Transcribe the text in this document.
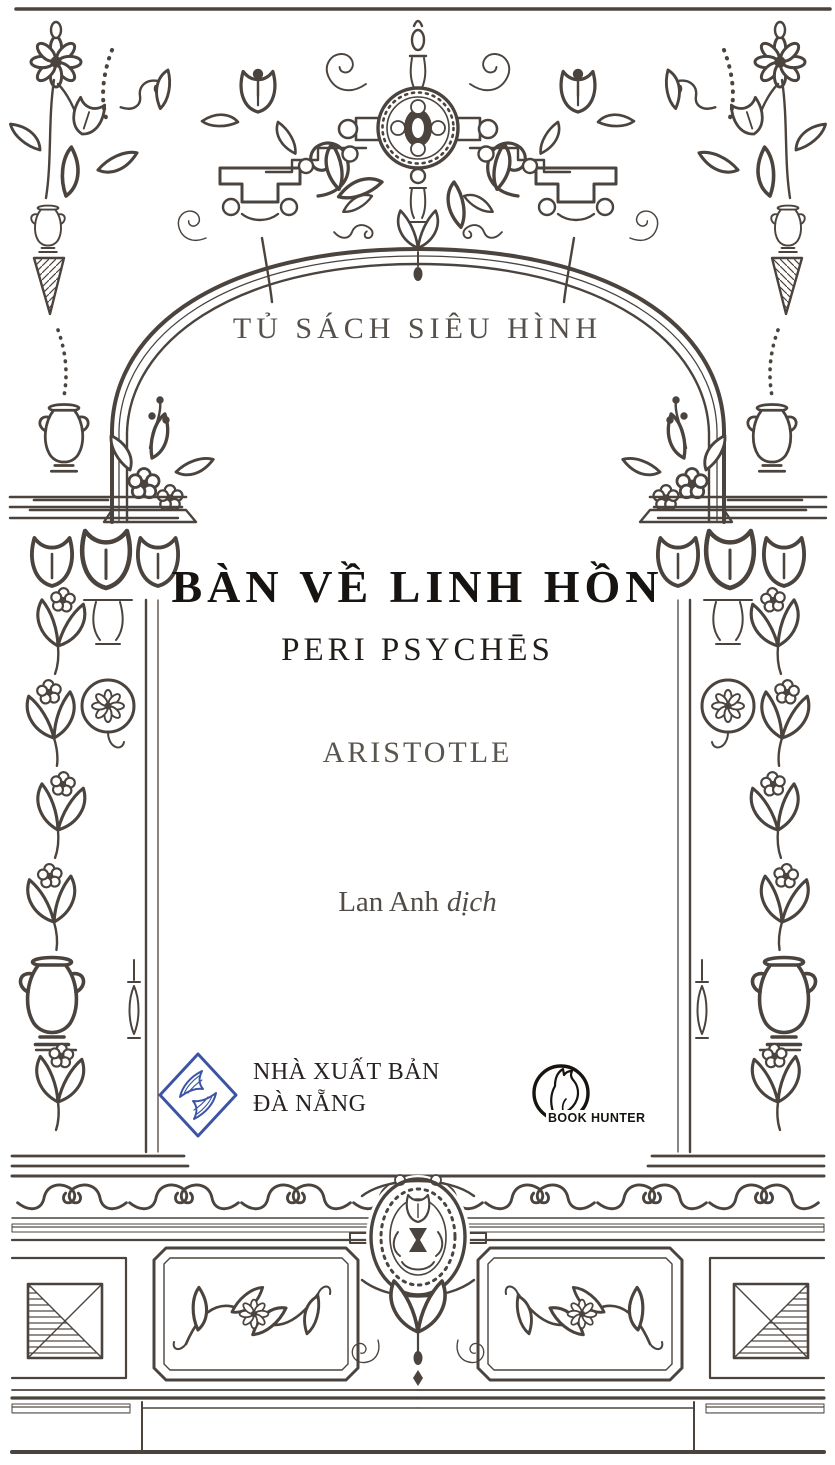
TỦ SÁCH SIÊU HÌNH
BÀN VỀ LINH HỒN
PERI PSYCHĒS
ARISTOTLE
Lan Anh dịch
NHÀ XUẤT BẢN
ĐÀ NẴNG
BOOK HUNTER
